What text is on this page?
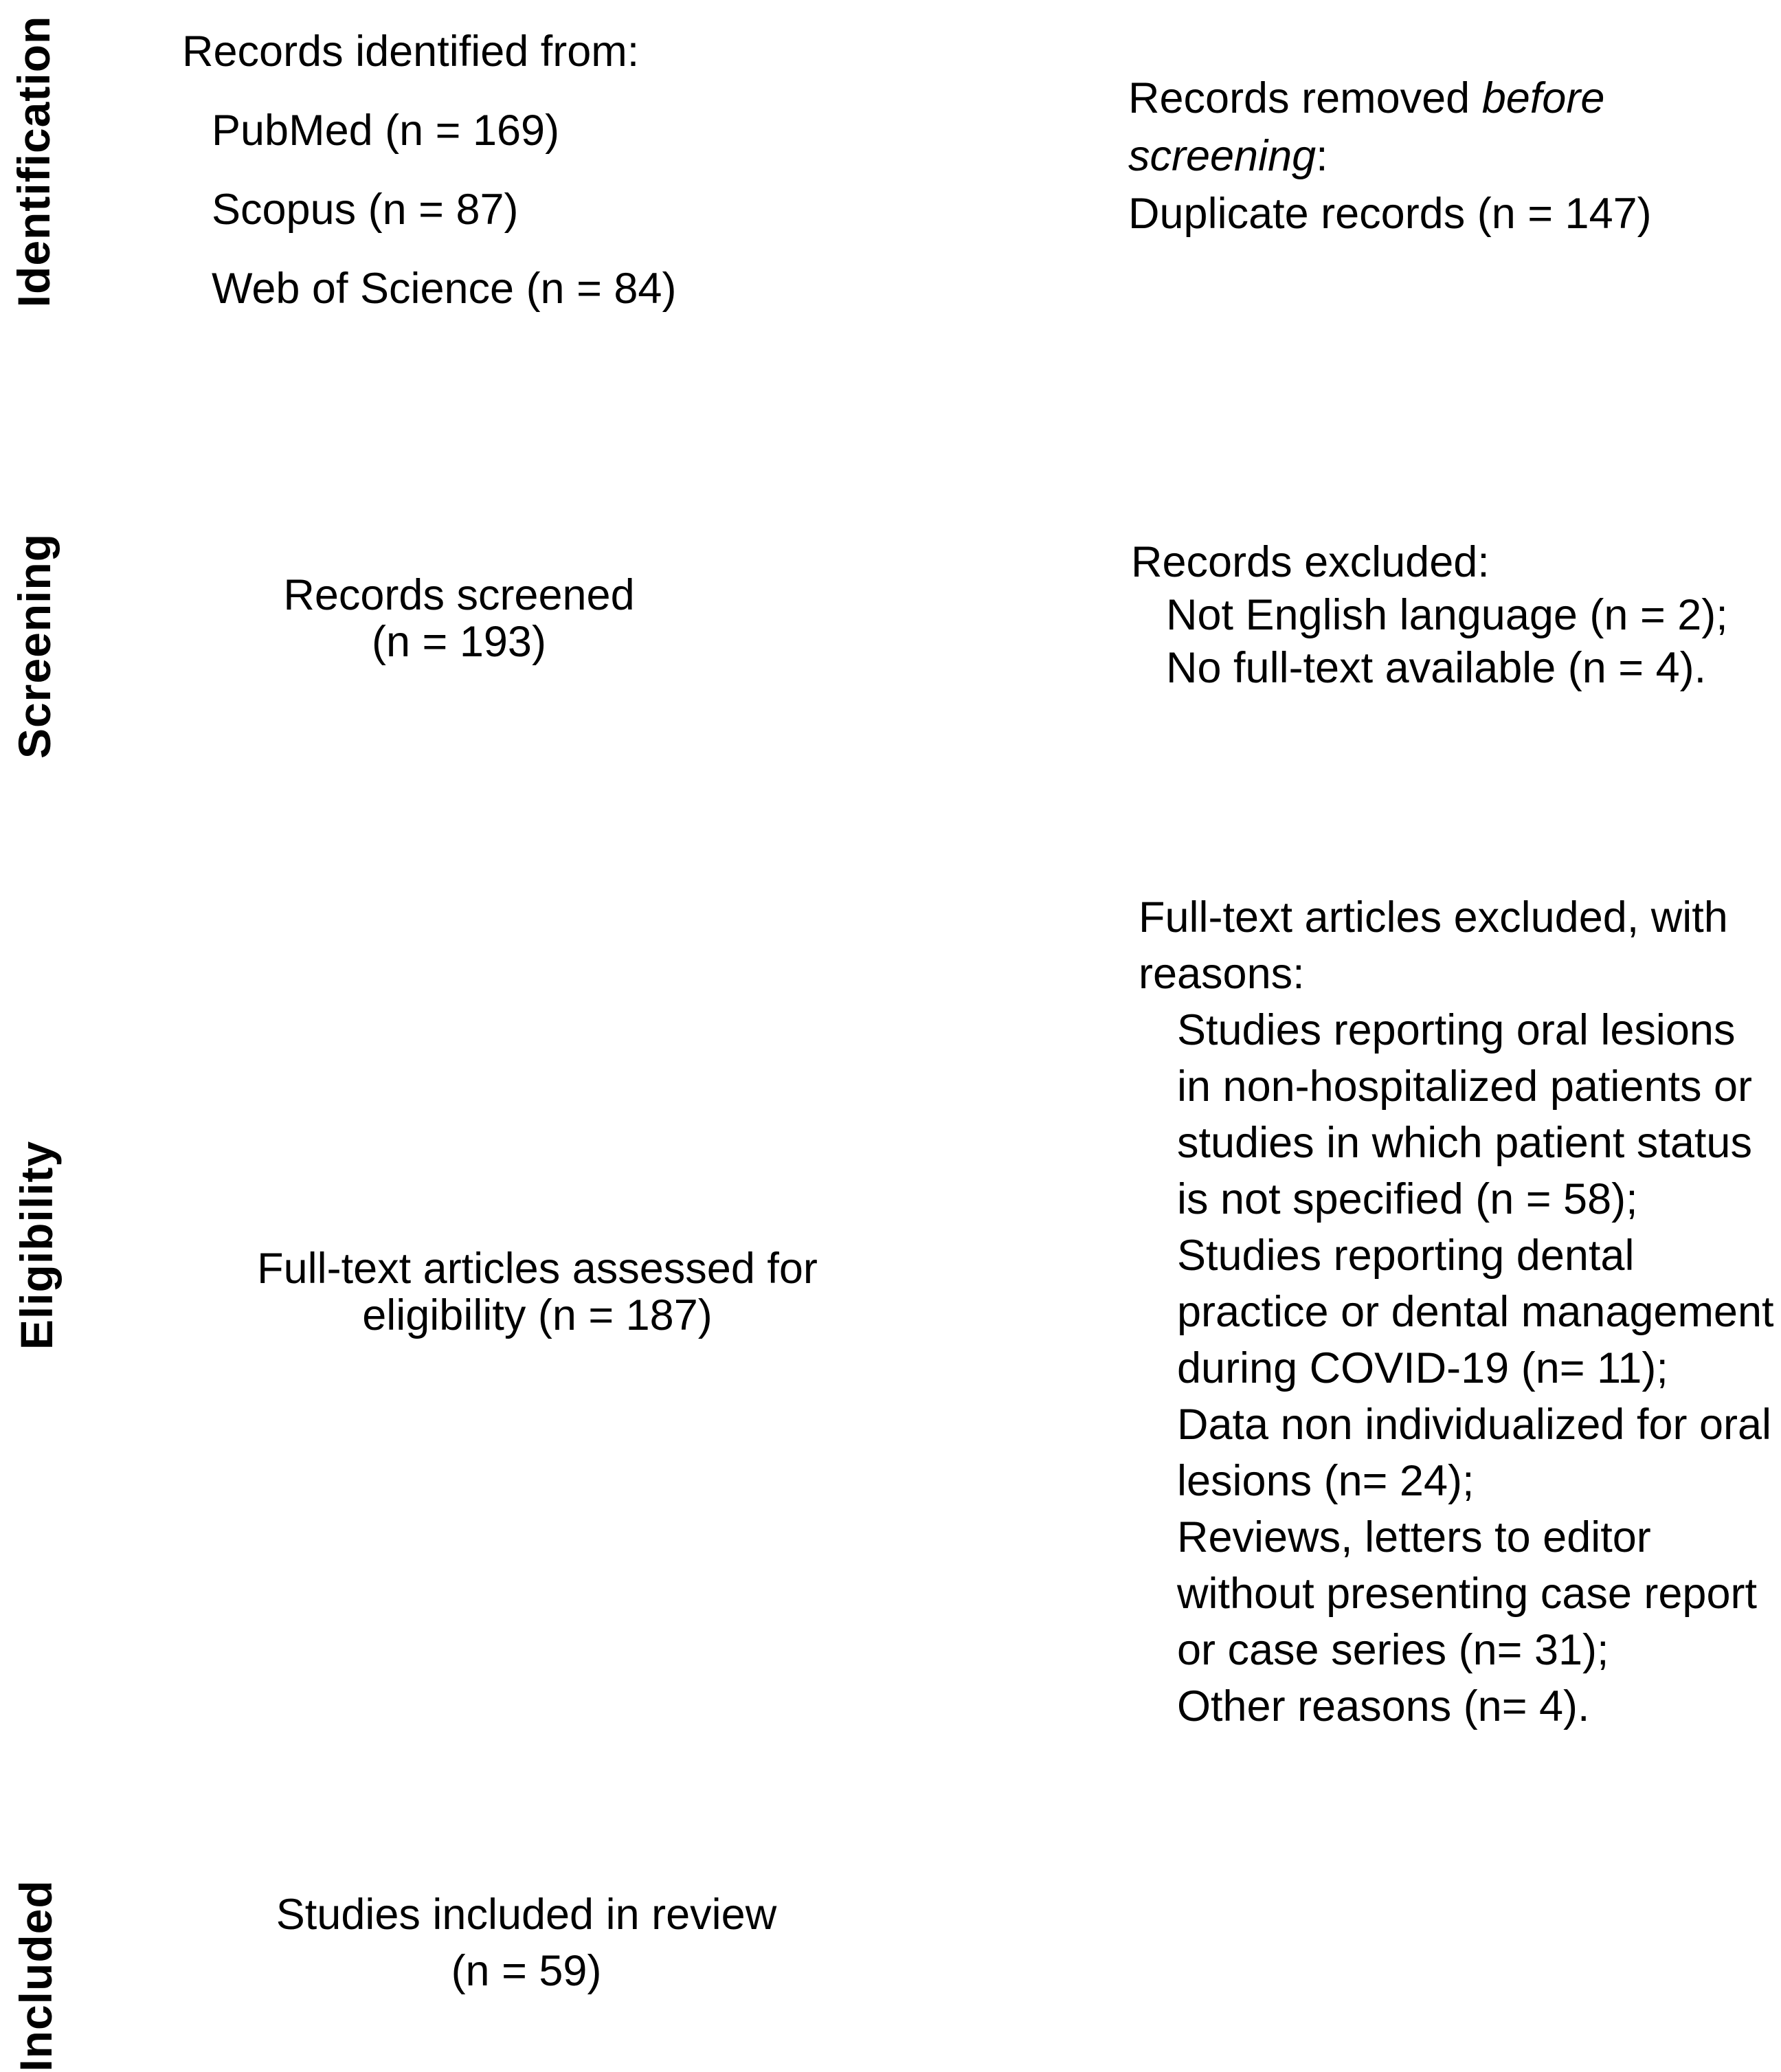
Identification
Screening
Eligibility
Included
Records identified from:
PubMed (n = 169)
Scopus (n = 87)
Web of Science (n = 84)
Records removed before
screening:
Duplicate records (n = 147)
Records screened
(n = 193)
Records excluded:
Not English language (n = 2);
No full-text available (n = 4).
Full-text articles assessed for
eligibility (n = 187)
Full-text articles excluded, with
reasons:
Studies reporting oral lesions
in non-hospitalized patients or
studies in which patient status
is not specified (n = 58);
Studies reporting dental
practice or dental management
during COVID-19 (n= 11);
Data non individualized for oral
lesions (n= 24);
Reviews, letters to editor
without presenting case report
or case series (n= 31);
Other reasons (n= 4).
Studies included in review
(n = 59)
